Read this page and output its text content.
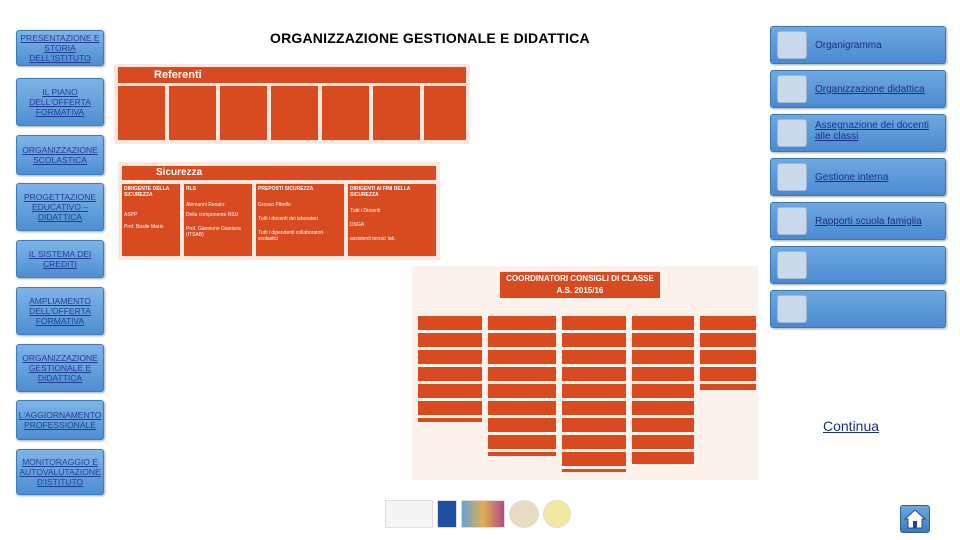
ORGANIZZAZIONE GESTIONALE E DIDATTICA
PRESENTAZIONE E STORIA DELL'ISTITUTO
IL PIANO DELL'OFFERTA FORMATIVA
ORGANIZZAZIONE SCOLASTICA
PROGETTAZIONE EDUCATIVO – DIDATTICA
IL SISTEMA DEI CREDITI
AMPLIAMENTO DELL'OFFERTA FORMATIVA
ORGANIZZAZIONE GESTIONALE E DIDATTICA
L'AGGIORNAMENTO PROFESSIONALE
MONITORAGGIO E AUTOVALUTAZIONE D'ISTITUTO
Referenti
Sicurezza
DIRIGENTE DELLA SICUREZZA
ASPP
Prof. Basile Mario
RLS
Alemanni Renato
Della componente RSU
Prof. Giannone Gianluca (ITSAB)
PREPOSTI SICUREZZA
Grosso Pitrello
Tutti i docenti dei laboratori
Tutti i dipendenti collaboratori scolastici
DIRIGENTI AI FINI DELLA SICUREZZA
Tutti i Docenti
DSGA
assistenti tecnici lab.
COORDINATORI CONSIGLI DI CLASSE
A.S. 2015/16
Organigramma
Organizzazione didattica
Assegnazione dei docenti alle classi
Gestione interna
Rapporti scuola famiglia
Continua
